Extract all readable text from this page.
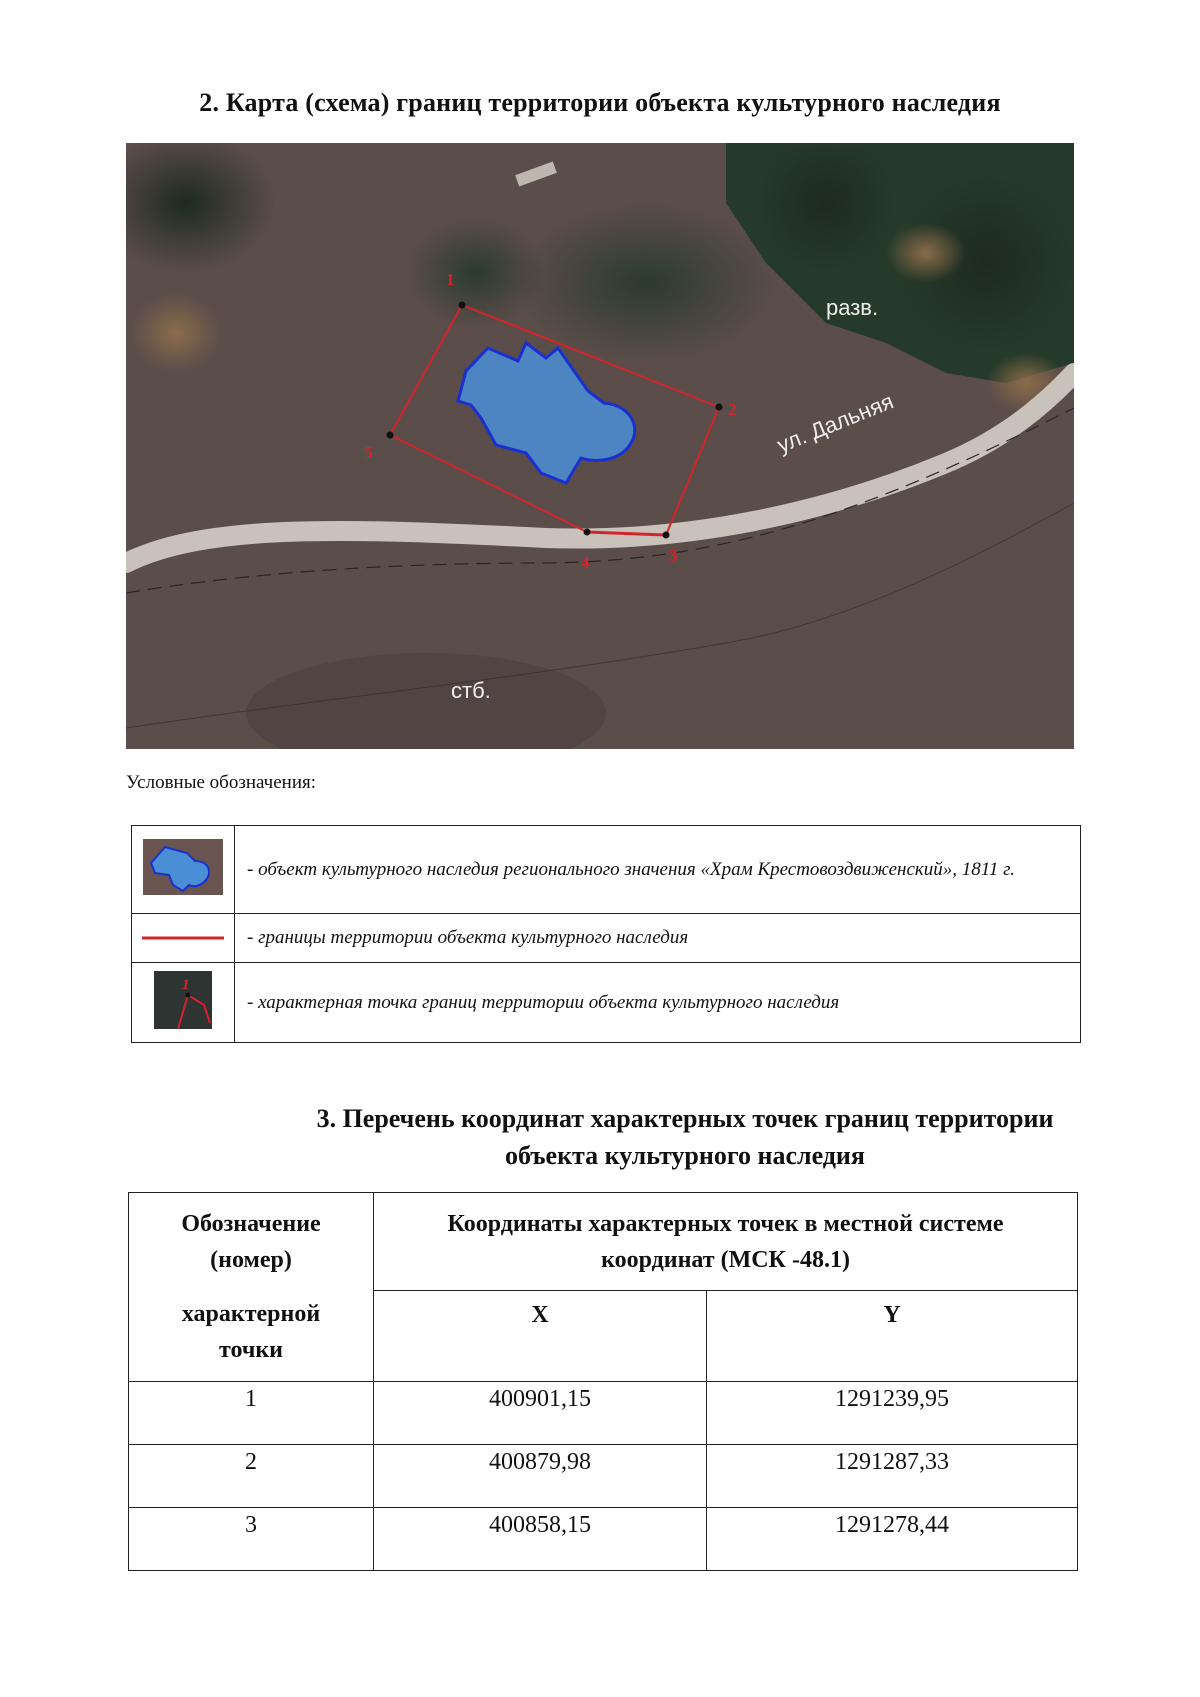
2. Карта (схема) границ территории объекта культурного наследия
1
2
3
4
5
разв.
ул. Дальняя
стб.
Условные обозначения:
	- объект культурного наследия регионального значения «Храм Крестовоздвиженский», 1811 г.
	- границы территории объекта культурного наследия

1	- характерная точка границ территории объекта культурного наследия
3. Перечень координат характерных точек границ территории объекта культурного наследия
Обозначение
(номер)
характерной
точки	Координаты характерных точек в местной системе координат (МСК -48.1)	
	X	Y
1	400901,15	1291239,95
2	400879,98	1291287,33
3	400858,15	1291278,44
